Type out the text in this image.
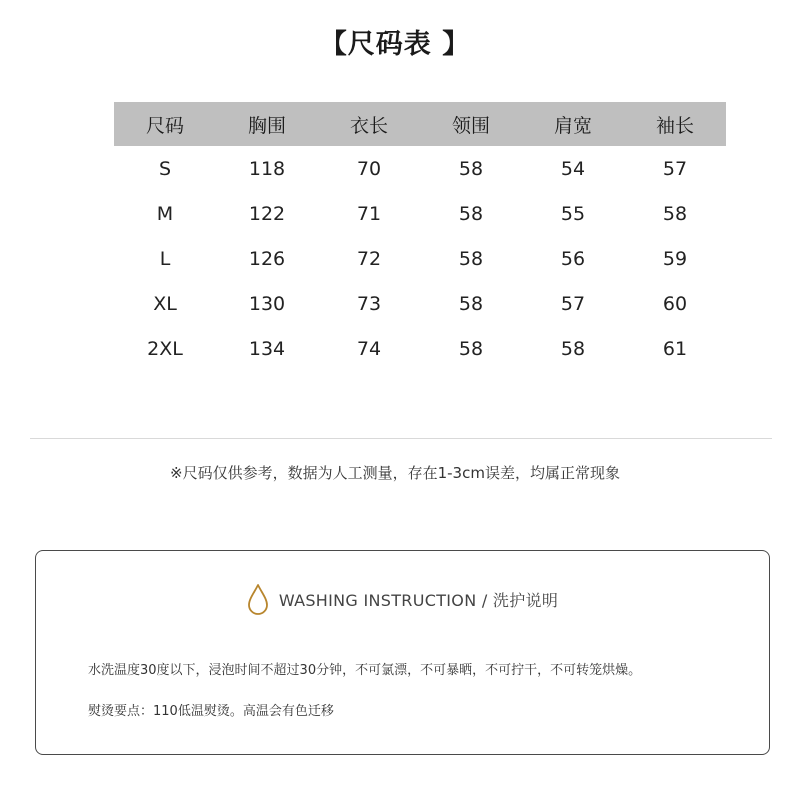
【尺码表 】
尺码	胸围	衣长	领围	肩宽	袖长
S	118	70	58	54	57
M	122	71	58	55	58
L	126	72	58	56	59
XL	130	73	58	57	60
2XL	134	74	58	58	61
※尺码仅供参考，数据为人工测量，存在1-3cm误差，均属正常现象
WASHING INSTRUCTION / 洗护说明
水洗温度30度以下，浸泡时间不超过30分钟，不可氯漂，不可暴晒，不可拧干，不可转笼烘燥。
熨烫要点：110低温熨烫。高温会有色迁移
